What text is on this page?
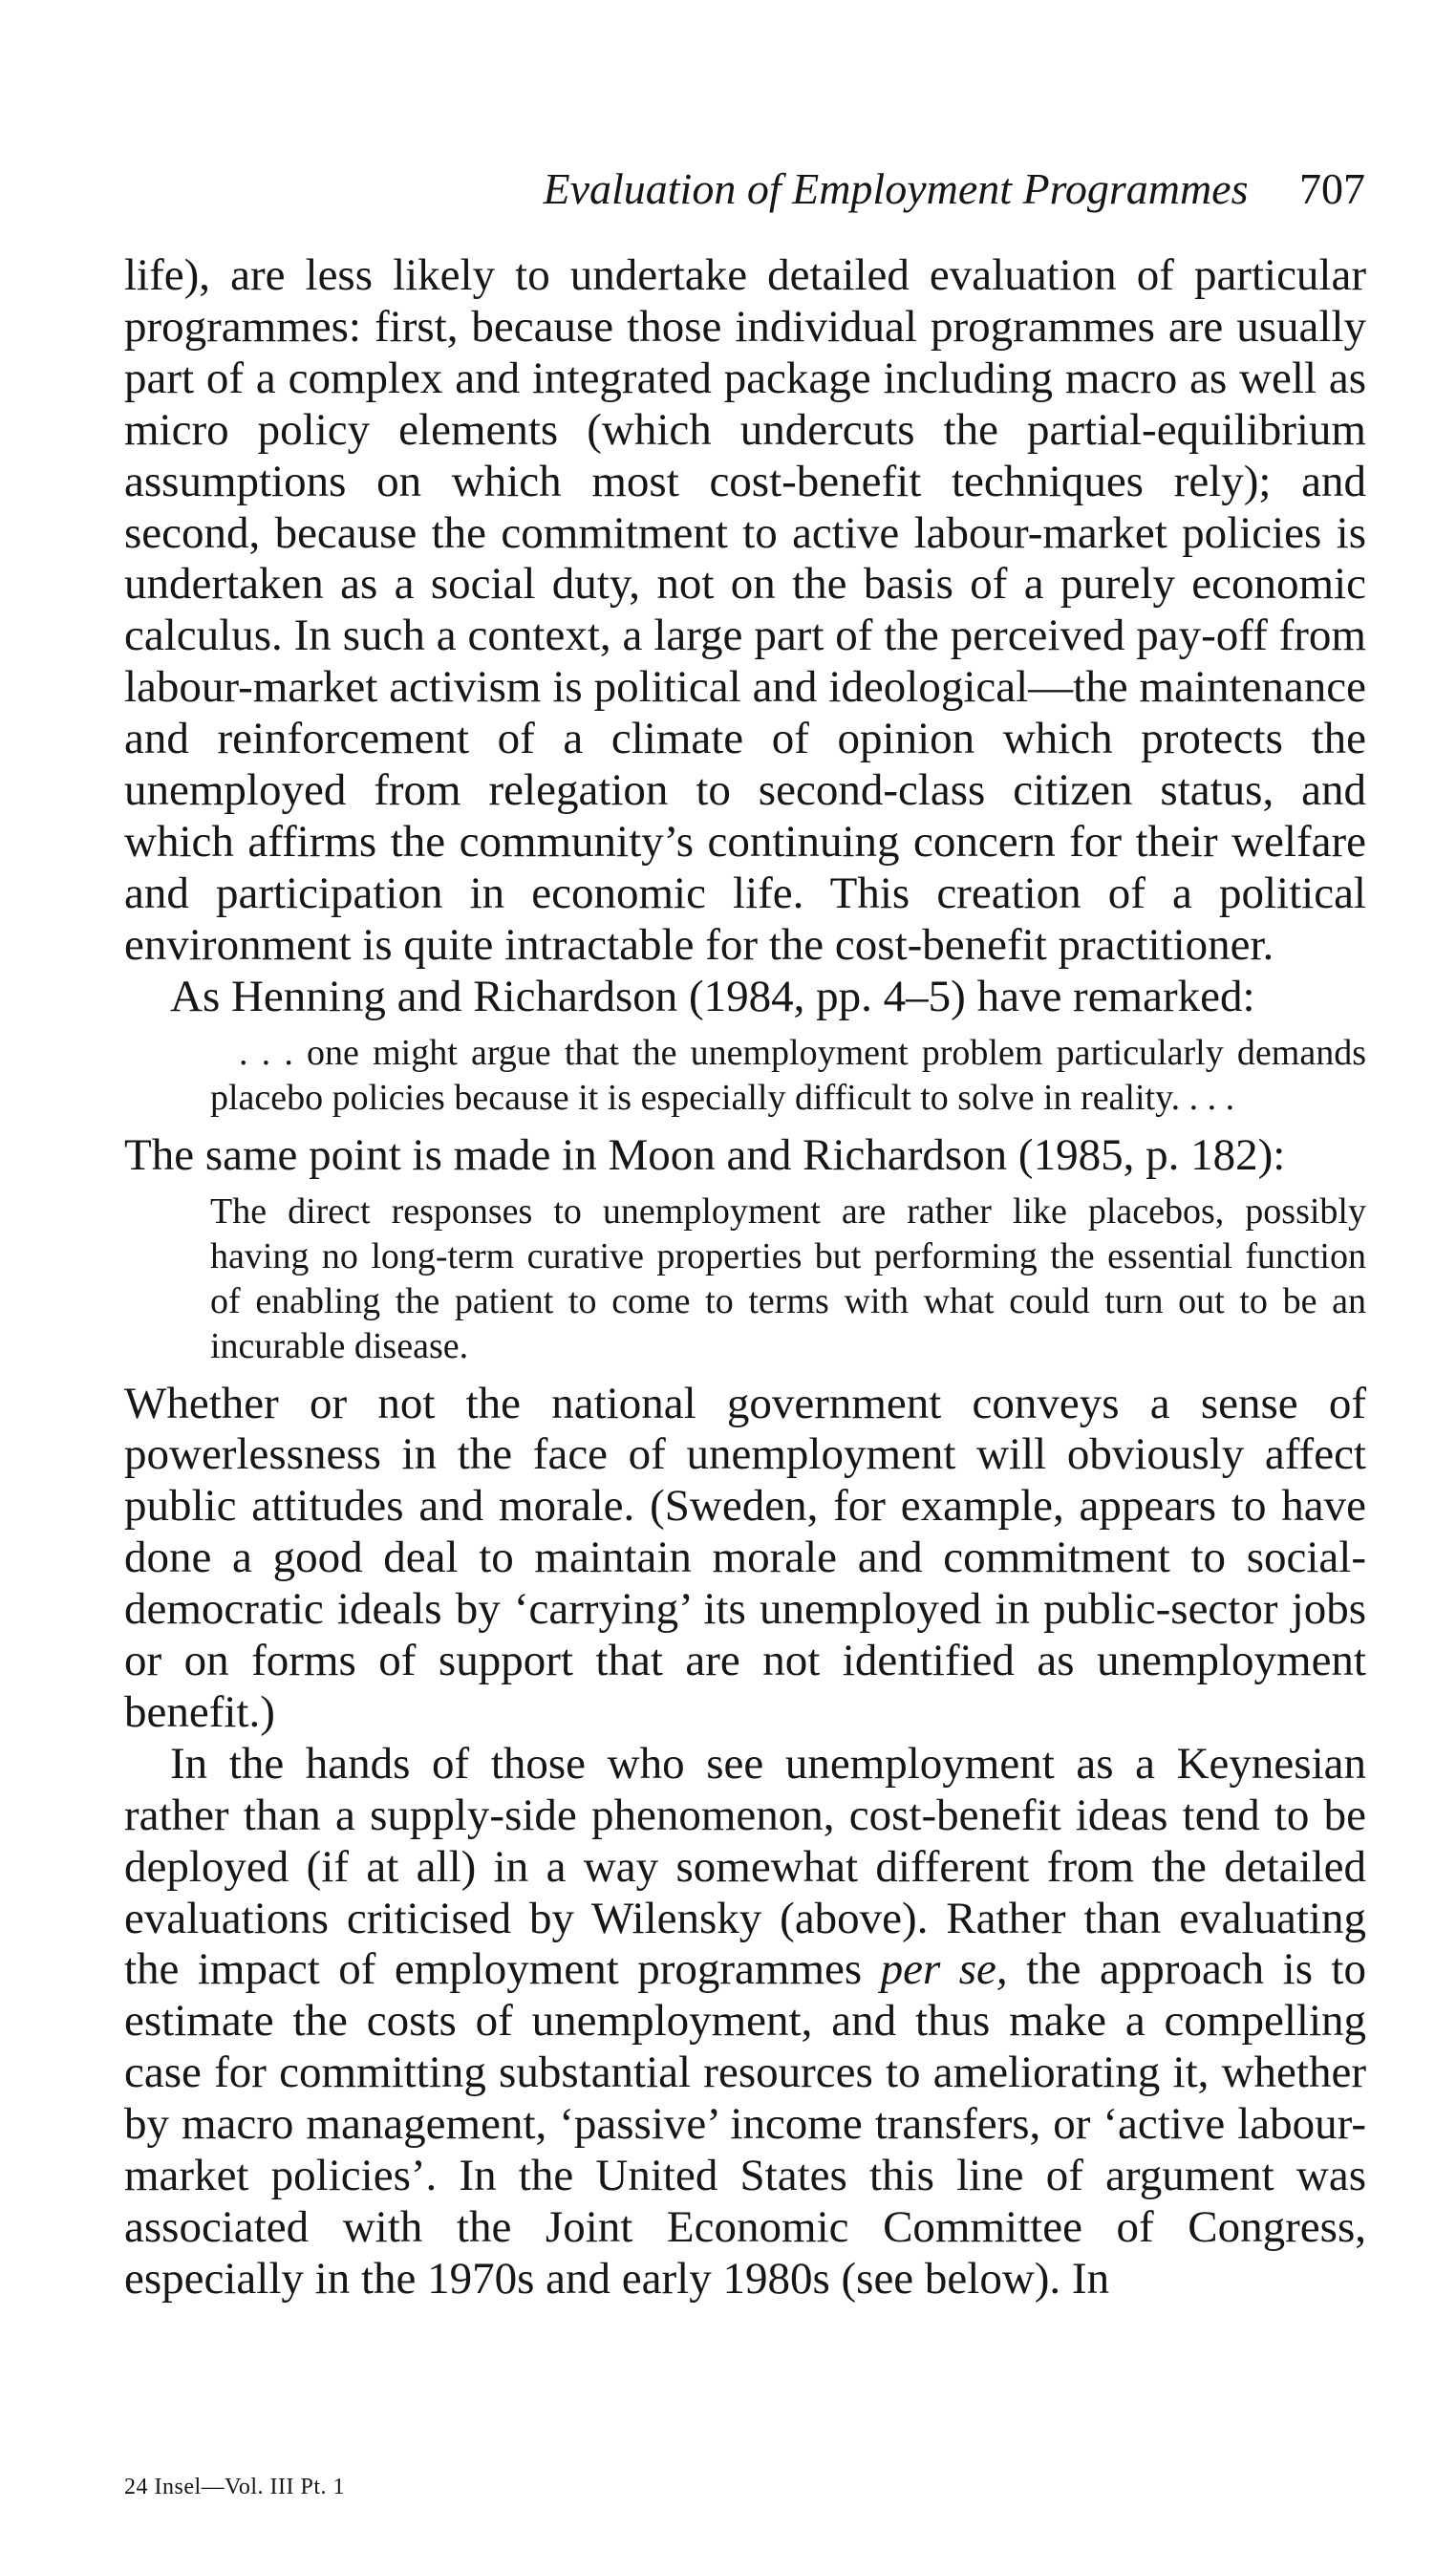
Evaluation of Employment Programmes 707

life), are less likely to undertake detailed evaluation of particular programmes: first, because those individual programmes are usually part of a complex and integrated package including macro as well as micro policy elements (which undercuts the partial-equilibrium assumptions on which most cost-benefit techniques rely); and second, because the commitment to active labour-market policies is undertaken as a social duty, not on the basis of a purely economic calculus. In such a context, a large part of the perceived pay-off from labour-market activism is political and ideological—the maintenance and reinforcement of a climate of opinion which protects the unemployed from relegation to second-class citizen status, and which affirms the community’s continuing concern for their welfare and participation in economic life. This creation of a political environment is quite intractable for the cost-benefit practitioner.

As Henning and Richardson (1984, pp. 4–5) have remarked:

. . . one might argue that the unemployment problem particularly demands placebo policies because it is especially difficult to solve in reality. . . .

The same point is made in Moon and Richardson (1985, p. 182):

The direct responses to unemployment are rather like placebos, possibly having no long-term curative properties but performing the essential function of enabling the patient to come to terms with what could turn out to be an incurable disease.

Whether or not the national government conveys a sense of powerlessness in the face of unemployment will obviously affect public attitudes and morale. (Sweden, for example, appears to have done a good deal to maintain morale and commitment to social-democratic ideals by ‘carrying’ its unemployed in public-sector jobs or on forms of support that are not identified as unemployment benefit.)

In the hands of those who see unemployment as a Keynesian rather than a supply-side phenomenon, cost-benefit ideas tend to be deployed (if at all) in a way somewhat different from the detailed evaluations criticised by Wilensky (above). Rather than evaluating the impact of employment programmes per se, the approach is to estimate the costs of unemployment, and thus make a compelling case for committing substantial resources to ameliorating it, whether by macro management, ‘passive’ income transfers, or ‘active labour-market policies’. In the United States this line of argument was associated with the Joint Economic Committee of Congress, especially in the 1970s and early 1980s (see below). In

24 Insel—Vol. III Pt. 1
